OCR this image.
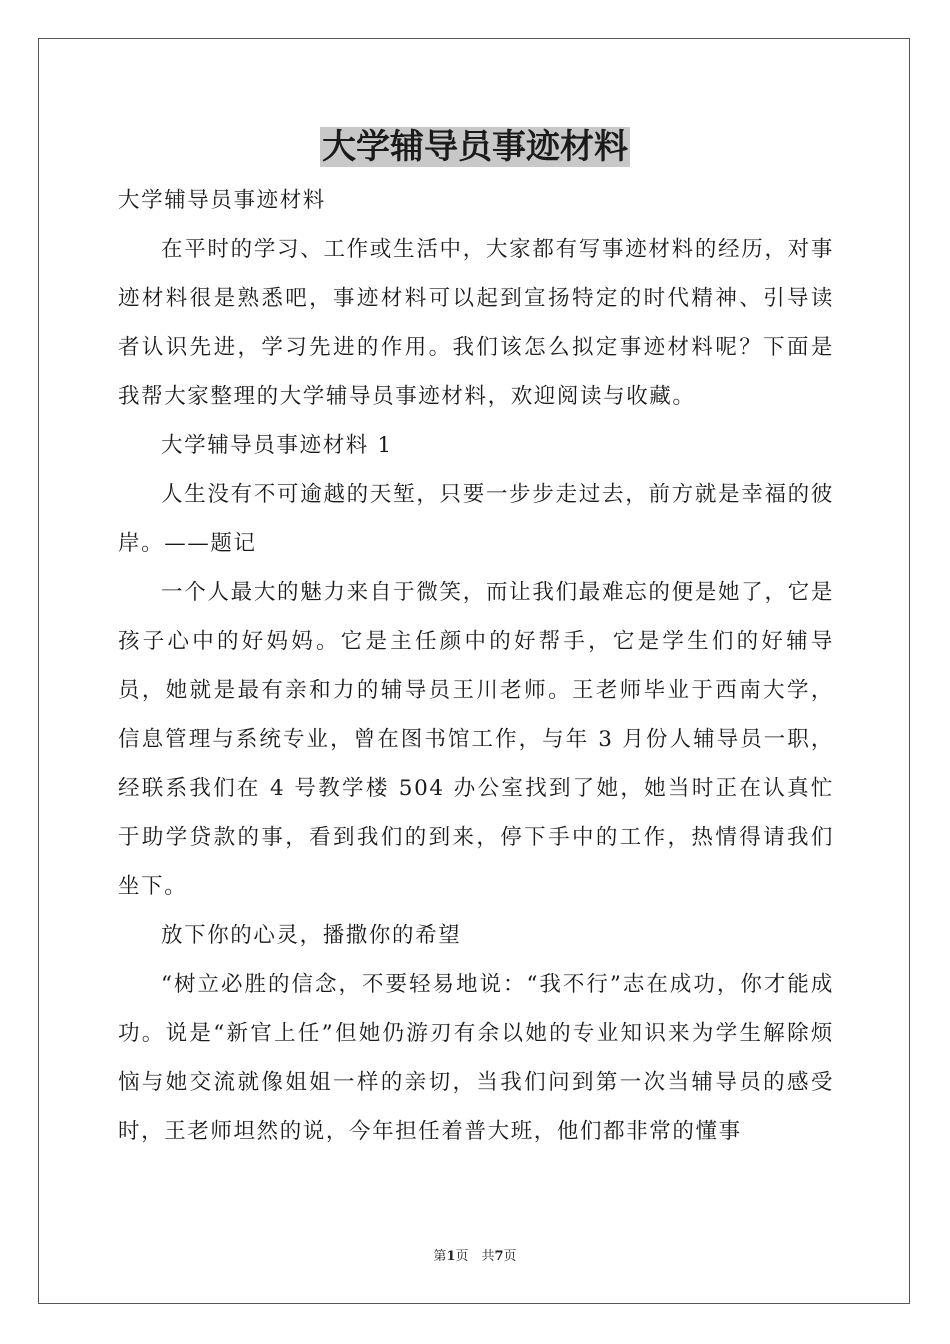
大学辅导员事迹材料

大学辅导员事迹材料

在平时的学习、工作或生活中，大家都有写事迹材料的经历，对事迹材料很是熟悉吧，事迹材料可以起到宣扬特定的时代精神、引导读者认识先进，学习先进的作用。我们该怎么拟定事迹材料呢？下面是我帮大家整理的大学辅导员事迹材料，欢迎阅读与收藏。

大学辅导员事迹材料 1

人生没有不可逾越的天堑，只要一步步走过去，前方就是幸福的彼岸。——题记

一个人最大的魅力来自于微笑，而让我们最难忘的便是她了，它是孩子心中的好妈妈。它是主任颜中的好帮手，它是学生们的好辅导员，她就是最有亲和力的辅导员王川老师。王老师毕业于西南大学，信息管理与系统专业，曾在图书馆工作，与年 3 月份人辅导员一职，经联系我们在 4 号教学楼 504 办公室找到了她，她当时正在认真忙于助学贷款的事，看到我们的到来，停下手中的工作，热情得请我们坐下。

放下你的心灵，播撒你的希望

“树立必胜的信念，不要轻易地说：“我不行”志在成功，你才能成功。说是“新官上任”但她仍游刃有余以她的专业知识来为学生解除烦恼与她交流就像姐姐一样的亲切，当我们问到第一次当辅导员的感受时，王老师坦然的说，今年担任着普大班，他们都非常的懂事

第1页　共7页
